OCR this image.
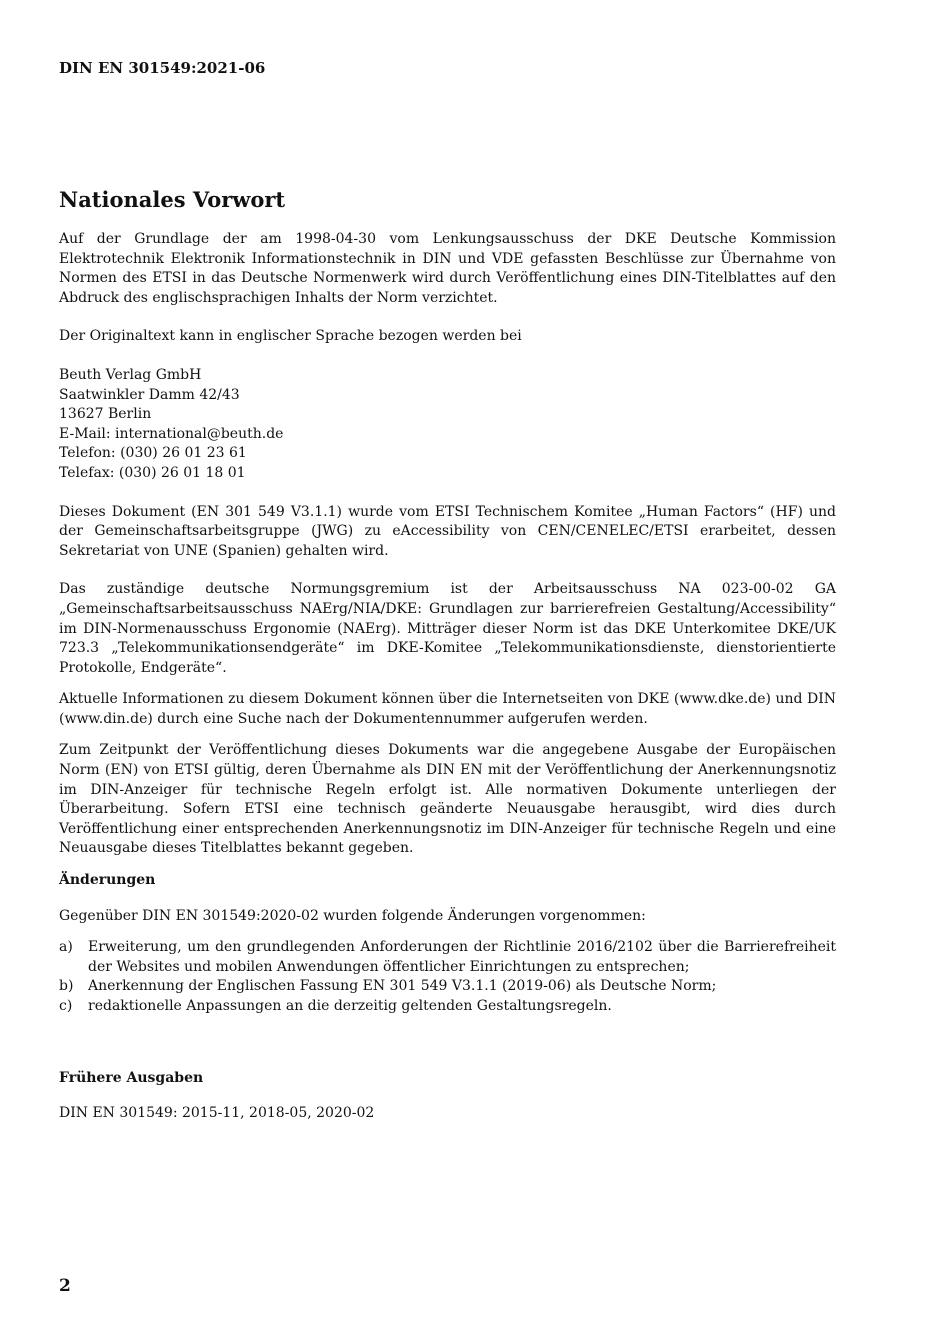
DIN EN 301549:2021-06
Nationales Vorwort

Auf der Grundlage der am 1998-04-30 vom Lenkungsausschuss der DKE Deutsche Kommission Elektrotechnik Elektronik Informationstechnik in DIN und VDE gefassten Beschlüsse zur Übernahme von Normen des ETSI in das Deutsche Normenwerk wird durch Veröffentlichung eines DIN-Titelblattes auf den Abdruck des englischsprachigen Inhalts der Norm verzichtet.

Der Originaltext kann in englischer Sprache bezogen werden bei

Beuth Verlag GmbH
Saatwinkler Damm 42/43
13627 Berlin
E-Mail: international@beuth.de
Telefon: (030) 26 01 23 61
Telefax: (030) 26 01 18 01

Dieses Dokument (EN 301 549 V3.1.1) wurde vom ETSI Technischem Komitee „Human Factors“ (HF) und der Gemeinschaftsarbeitsgruppe (JWG) zu eAccessibility von CEN/CENELEC/ETSI erarbeitet, dessen Sekretariat von UNE (Spanien) gehalten wird.

Das zuständige deutsche Normungsgremium ist der Arbeitsausschuss NA 023-00-02 GA „Gemeinschaftsarbeitsausschuss NAErg/NIA/DKE: Grundlagen zur barrierefreien Gestaltung/Accessibility“ im DIN-Normenausschuss Ergonomie (NAErg). Mitträger dieser Norm ist das DKE Unterkomitee DKE/UK 723.3 „Telekommunikationsendgeräte“ im DKE-Komitee „Telekommunikationsdienste, dienstorientierte Protokolle, Endgeräte“.

Aktuelle Informationen zu diesem Dokument können über die Internetseiten von DKE (www.dke.de) und DIN (www.din.de) durch eine Suche nach der Dokumentennummer aufgerufen werden.

Zum Zeitpunkt der Veröffentlichung dieses Dokuments war die angegebene Ausgabe der Europäischen Norm (EN) von ETSI gültig, deren Übernahme als DIN EN mit der Veröffentlichung der Anerkennungsnotiz im DIN-Anzeiger für technische Regeln erfolgt ist. Alle normativen Dokumente unterliegen der Überarbeitung. Sofern ETSI eine technisch geänderte Neuausgabe herausgibt, wird dies durch Veröffentlichung einer entsprechenden Anerkennungsnotiz im DIN-Anzeiger für technische Regeln und eine Neuausgabe dieses Titelblattes bekannt gegeben.

Änderungen

Gegenüber DIN EN 301549:2020-02 wurden folgende Änderungen vorgenommen:

a)	Erweiterung, um den grundlegenden Anforderungen der Richtlinie 2016/2102 über die Barrierefreiheit der Websites und mobilen Anwendungen öffentlicher Einrichtungen zu entsprechen;
b)	Anerkennung der Englischen Fassung EN 301 549 V3.1.1 (2019-06) als Deutsche Norm;
c)	redaktionelle Anpassungen an die derzeitig geltenden Gestaltungsregeln.
Frühere Ausgaben

DIN EN 301549: 2015-11, 2018-05, 2020-02

2
